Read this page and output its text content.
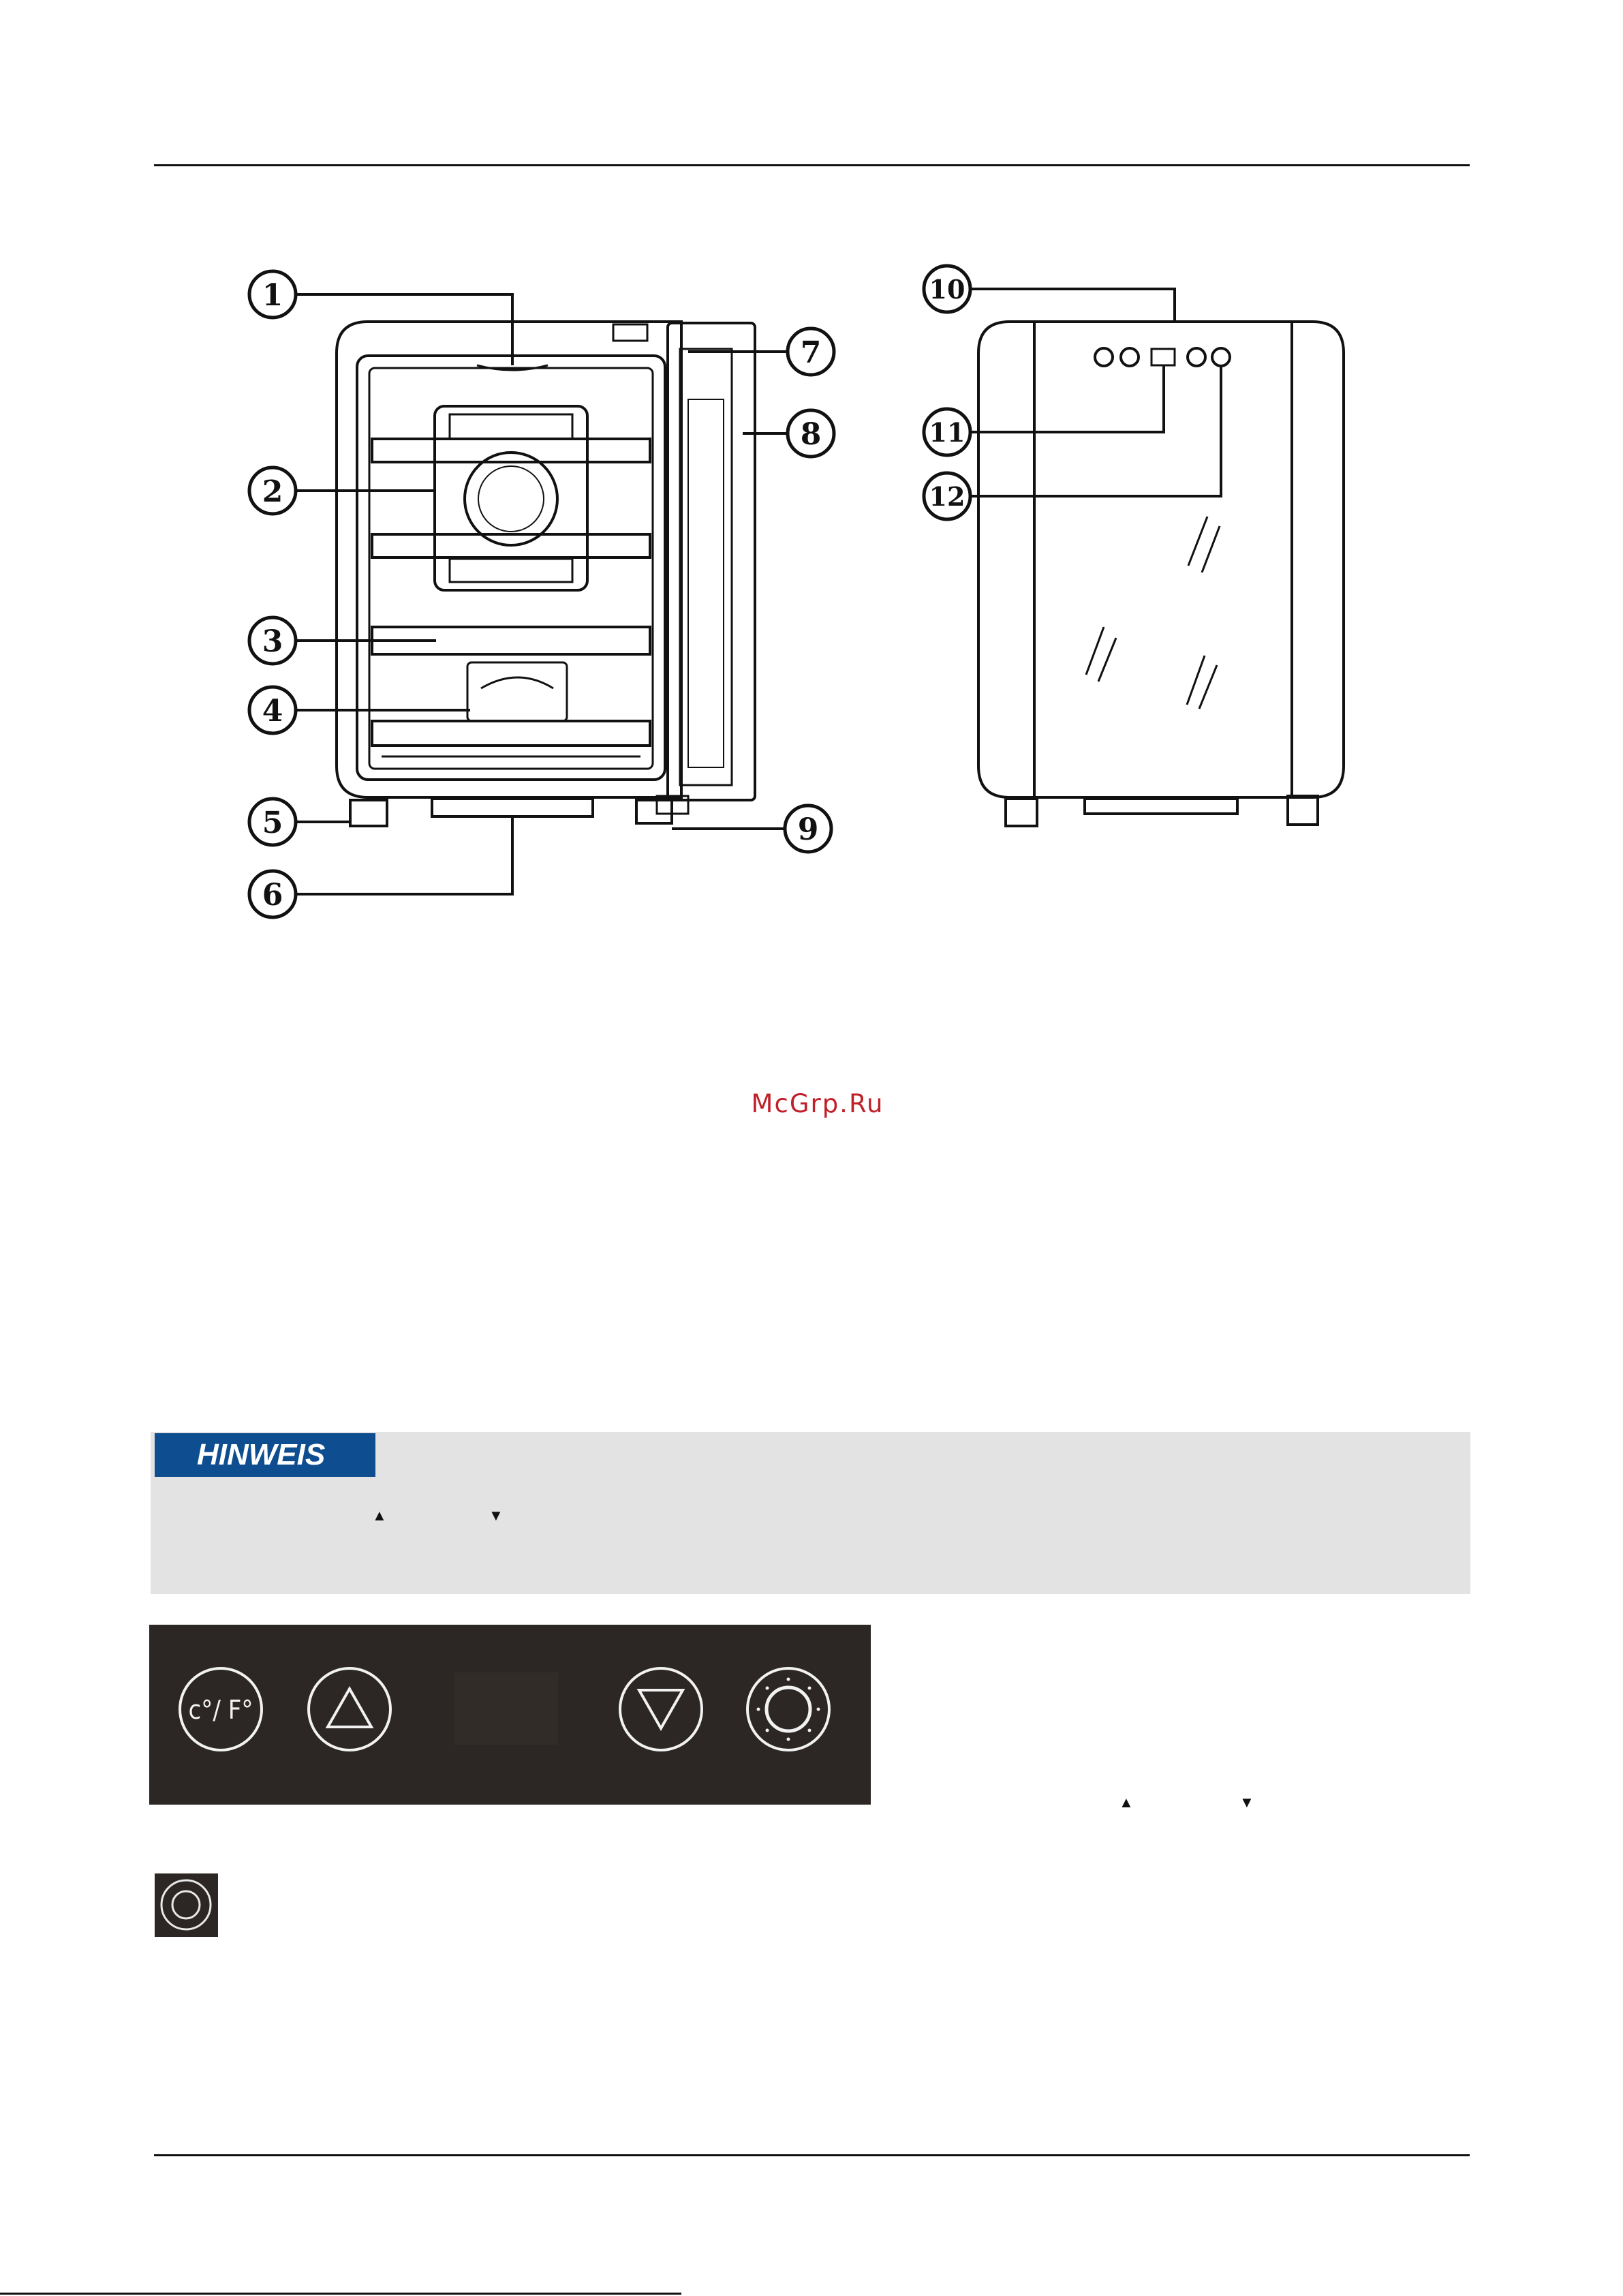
1
2
3
4
5
6
7
8
9
10
11
12
McGrp.Ru
HINWEIS
▲	▼
c°/ F°
▲	▼
